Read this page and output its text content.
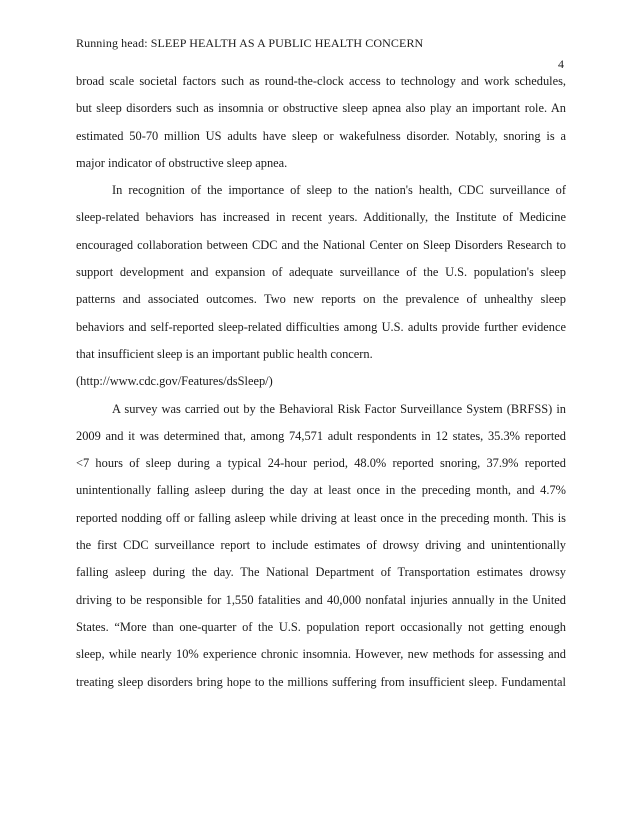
Running head: SLEEP HEALTH AS A PUBLIC HEALTH CONCERN
4
broad scale societal factors such as round-the-clock access to technology and work schedules,
but sleep disorders such as insomnia or obstructive sleep apnea also play an important role. An
estimated 50-70 million US adults have sleep or wakefulness disorder. Notably, snoring is a
major indicator of obstructive sleep apnea.
In recognition of the importance of sleep to the nation's health, CDC surveillance of
sleep-related behaviors has increased in recent years. Additionally, the Institute of Medicine
encouraged collaboration between CDC and the National Center on Sleep Disorders Research to
support development and expansion of adequate surveillance of the U.S. population's sleep
patterns and associated outcomes. Two new reports on the prevalence of unhealthy sleep
behaviors and self-reported sleep-related difficulties among U.S. adults provide further evidence
that insufficient sleep is an important public health concern.
(http://www.cdc.gov/Features/dsSleep/)
A survey was carried out by the Behavioral Risk Factor Surveillance System (BRFSS) in
2009 and it was determined that, among 74,571 adult respondents in 12 states, 35.3% reported
<7 hours of sleep during a typical 24-hour period, 48.0% reported snoring, 37.9% reported
unintentionally falling asleep during the day at least once in the preceding month, and 4.7%
reported nodding off or falling asleep while driving at least once in the preceding month. This is
the first CDC surveillance report to include estimates of drowsy driving and unintentionally
falling asleep during the day. The National Department of Transportation estimates drowsy
driving to be responsible for 1,550 fatalities and 40,000 nonfatal injuries annually in the United
States. “More than one-quarter of the U.S. population report occasionally not getting enough
sleep, while nearly 10% experience chronic insomnia. However, new methods for assessing and
treating sleep disorders bring hope to the millions suffering from insufficient sleep. Fundamental
